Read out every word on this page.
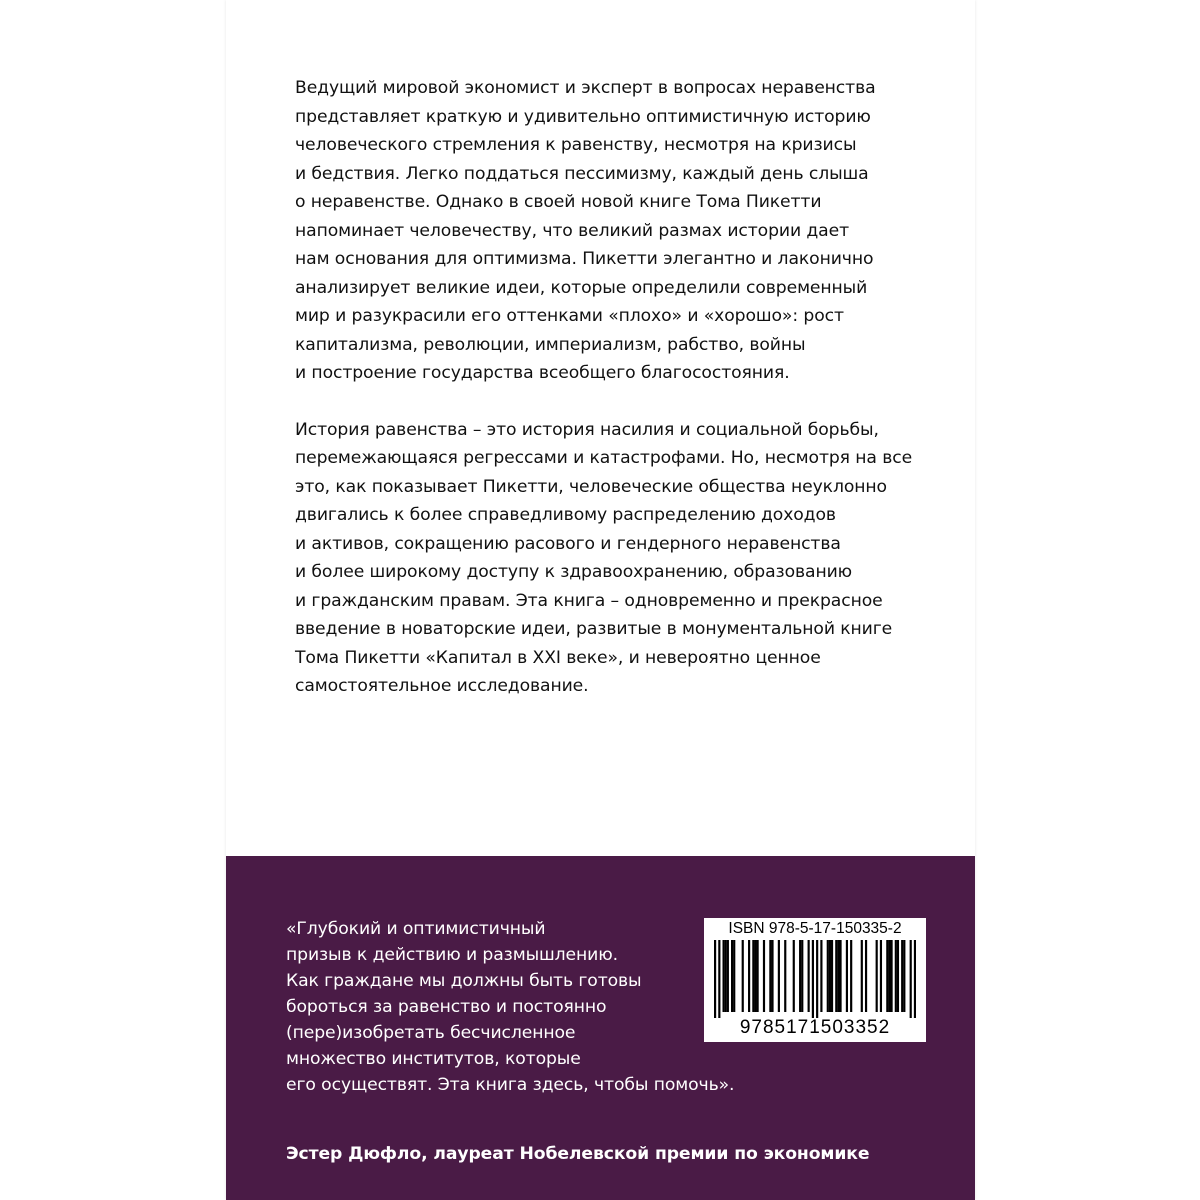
Ведущий мировой экономист и эксперт в вопросах неравенства
представляет краткую и удивительно оптимистичную историю
человеческого стремления к равенству, несмотря на кризисы
и бедствия. Легко поддаться пессимизму, каждый день слыша
о неравенстве. Однако в своей новой книге Тома Пикетти
напоминает человечеству, что великий размах истории дает
нам основания для оптимизма. Пикетти элегантно и лаконично
анализирует великие идеи, которые определили современный
мир и разукрасили его оттенками «плохо» и «хорошо»: рост
капитализма, революции, империализм, рабство, войны
и построение государства всеобщего благосостояния.
История равенства – это история насилия и социальной борьбы,
перемежающаяся регрессами и катастрофами. Но, несмотря на все
это, как показывает Пикетти, человеческие общества неуклонно
двигались к более справедливому распределению доходов
и активов, сокращению расового и гендерного неравенства
и более широкому доступу к здравоохранению, образованию
и гражданским правам. Эта книга – одновременно и прекрасное
введение в новаторские идеи, развитые в монументальной книге
Тома Пикетти «Капитал в XXI веке», и невероятно ценное
самостоятельное исследование.
«Глубокий и оптимистичный
призыв к действию и размышлению.
Как граждане мы должны быть готовы
бороться за равенство и постоянно
(пере)изобретать бесчисленное
множество институтов, которые
его осуществят. Эта книга здесь, чтобы помочь».
Эстер Дюфло, лауреат Нобелевской премии по экономике
ISBN 978-5-17-150335-2
9785171503352
